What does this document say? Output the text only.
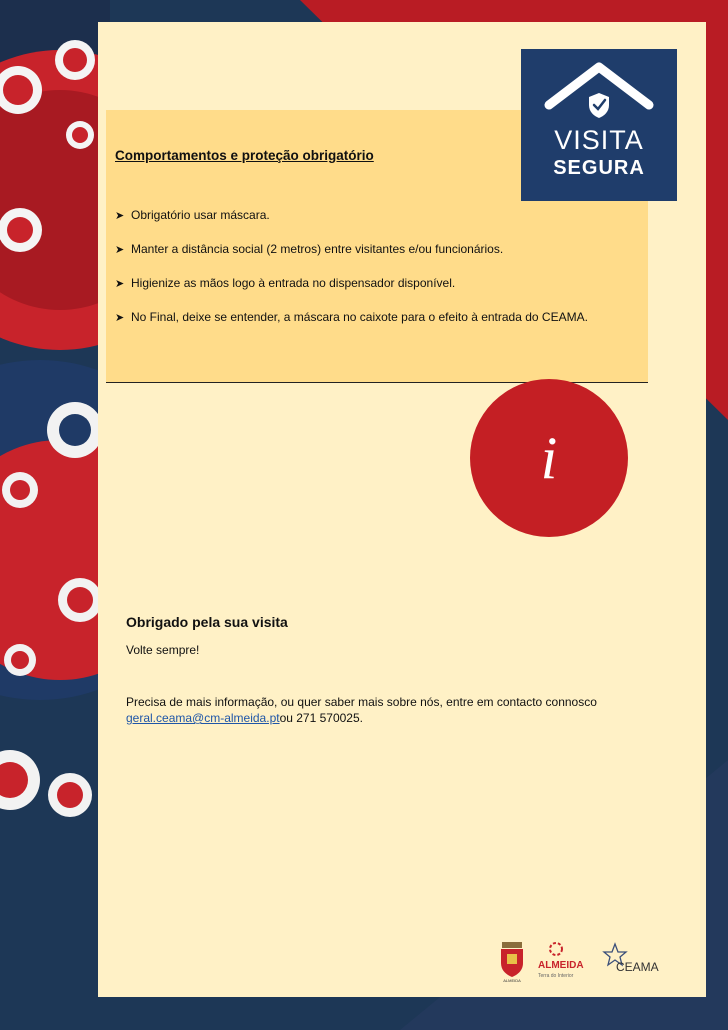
Comportamentos e proteção obrigatório
➤ Obrigatório usar máscara.
➤ Manter a distância social (2 metros) entre visitantes e/ou funcionários.
➤ Higienize as mãos logo à entrada no dispensador disponível.
➤ No Final, deixe se entender, a máscara no caixote para o efeito à entrada do CEAMA.
VISITA
SEGURA
i
Obrigado pela sua visita
Volte sempre!
Precisa de mais informação, ou quer saber mais sobre nós, entre em contacto connosco
geral.ceama@cm-almeida.ptou 271 570025.
ALMEIDA
ALMEIDA
Terra do Interior
CEAMA
